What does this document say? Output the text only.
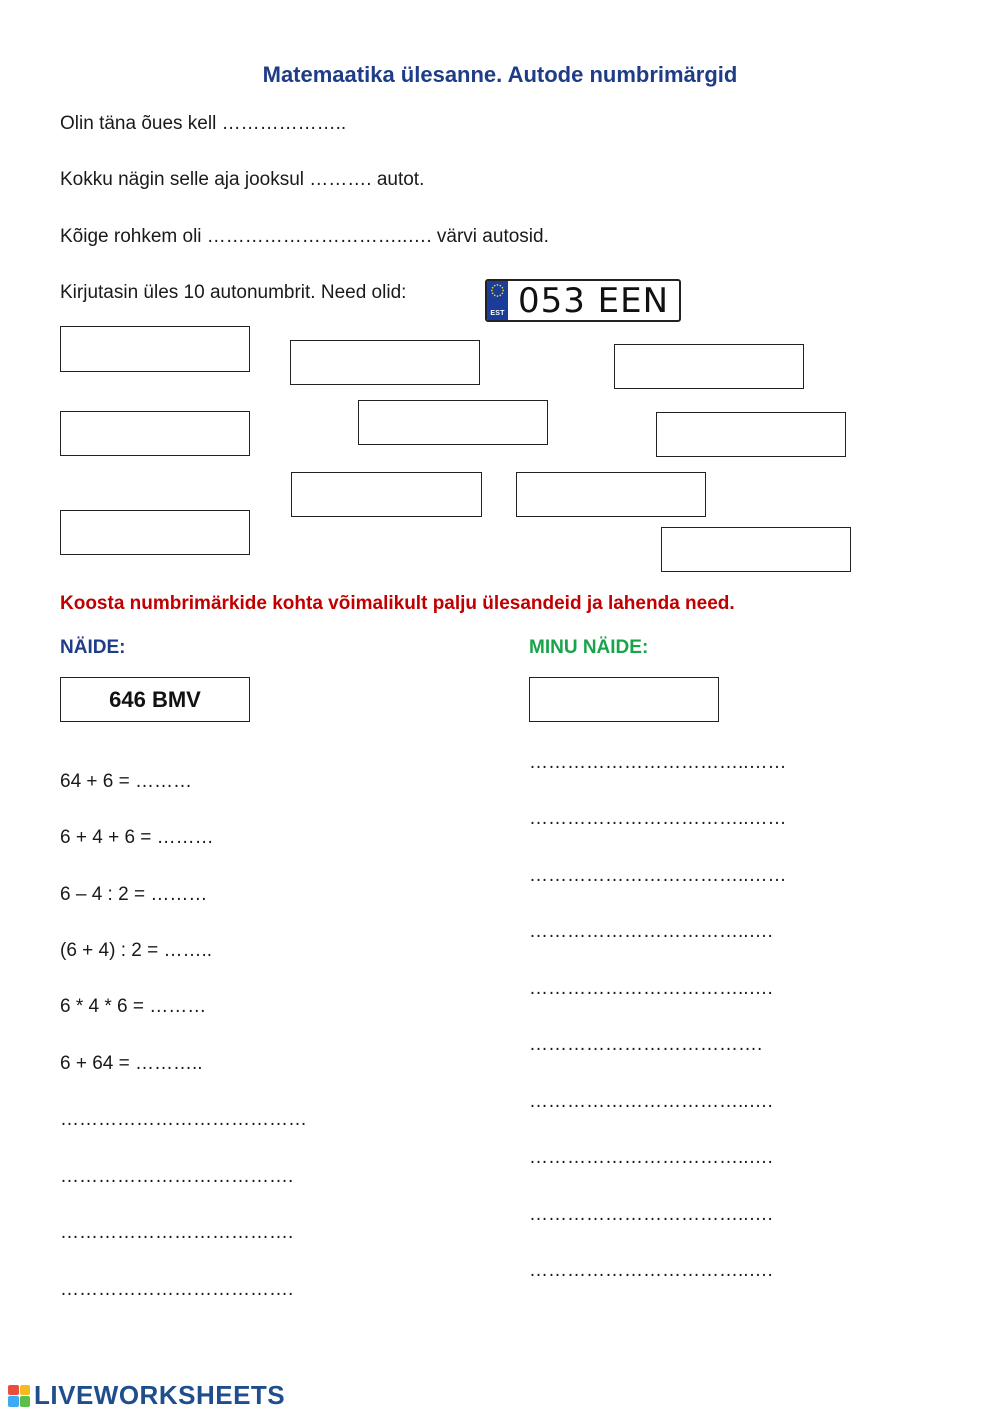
Matemaatika ülesanne. Autode numbrimärgid
Olin täna õues kell ………………..
Kokku nägin selle aja jooksul ………. autot.
Kõige rohkem oli …………………………..…. värvi autosid.
Kirjutasin üles 10 autonumbrit. Need olid:
EST 053 EEN
Koosta numbrimärkide kohta võimalikult palju ülesandeid ja lahenda need.
NÄIDE:	MINU NÄIDE:
646 BMV
64 + 6 = ………
6 + 4 + 6 = ………
6 – 4 : 2 = ………
(6 + 4) : 2 = ……..
6 * 4 * 6 = ………
6 + 64 = ………..
…………………………………
……………………………….
……………………………….
……………………………….
……………………………..……
……………………………..……
……………………………..……
……………………………..….
……………………………..….
……………………………….
……………………………..….
……………………………..….
……………………………..….
……………………………..….
LIVEWORKSHEETS
